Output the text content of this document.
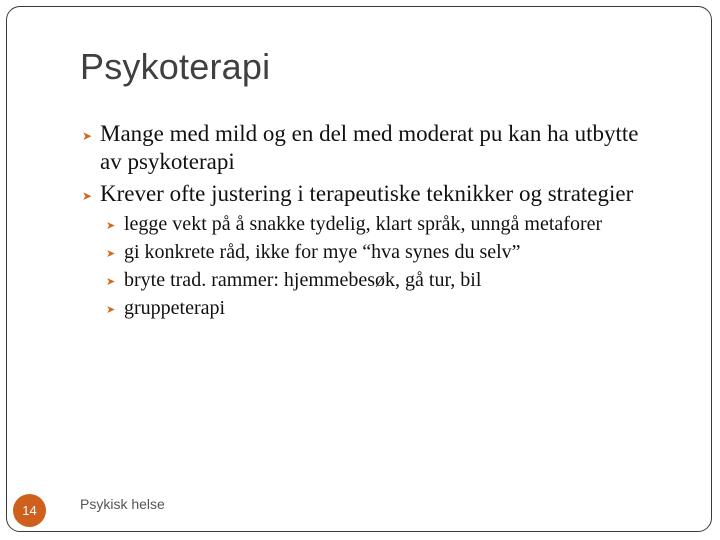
Psykoterapi

➤ Mange med mild og en del med moderat pu kan ha utbytte av psykoterapi

➤ Krever ofte justering i terapeutiske teknikker og strategier

➤ legge vekt på å snakke tydelig, klart språk, unngå metaforer

➤ gi konkrete råd, ikke for mye “hva synes du selv”

➤ bryte trad. rammer: hjemmebesøk, gå tur, bil

➤ gruppeterapi

14	Psykisk helse
